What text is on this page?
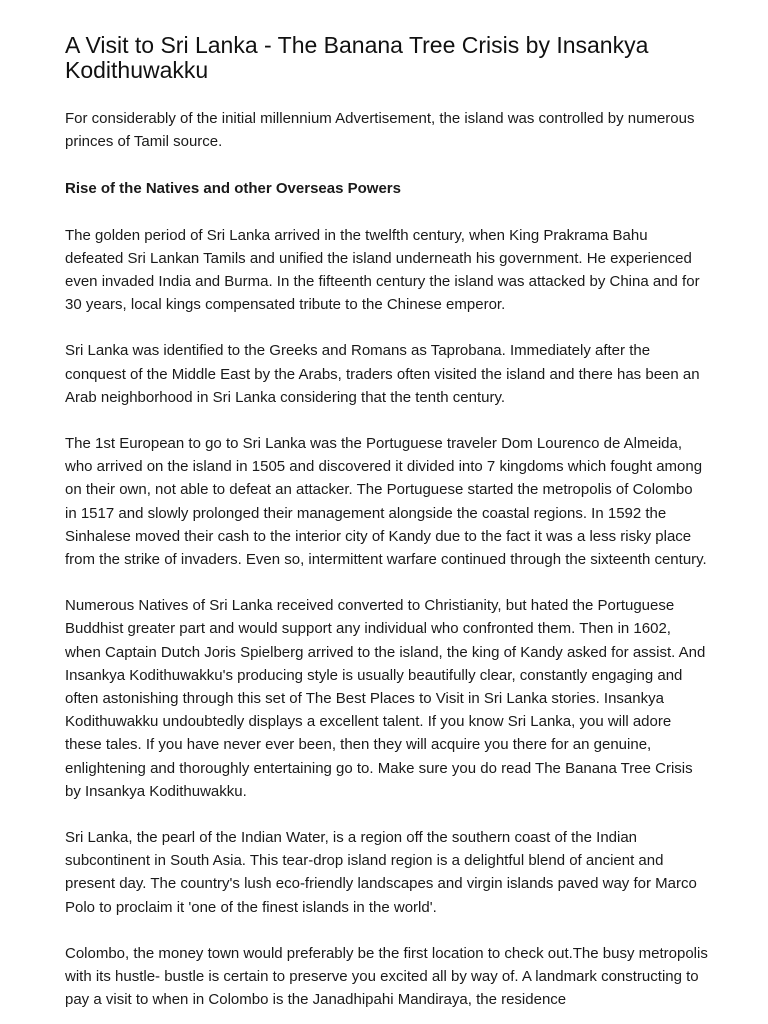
A Visit to Sri Lanka - The Banana Tree Crisis by Insankya Kodithuwakku

For considerably of the initial millennium Advertisement, the island was controlled by numerous princes of Tamil source.

Rise of the Natives and other Overseas Powers

The golden period of Sri Lanka arrived in the twelfth century, when King Prakrama Bahu defeated Sri Lankan Tamils and unified the island underneath his government. He experienced even invaded India and Burma. In the fifteenth century the island was attacked by China and for 30 years, local kings compensated tribute to the Chinese emperor.

Sri Lanka was identified to the Greeks and Romans as Taprobana. Immediately after the conquest of the Middle East by the Arabs, traders often visited the island and there has been an Arab neighborhood in Sri Lanka considering that the tenth century.

The 1st European to go to Sri Lanka was the Portuguese traveler Dom Lourenco de Almeida, who arrived on the island in 1505 and discovered it divided into 7 kingdoms which fought among on their own, not able to defeat an attacker. The Portuguese started the metropolis of Colombo in 1517 and slowly prolonged their management alongside the coastal regions. In 1592 the Sinhalese moved their cash to the interior city of Kandy due to the fact it was a less risky place from the strike of invaders. Even so, intermittent warfare continued through the sixteenth century.

Numerous Natives of Sri Lanka received converted to Christianity, but hated the Portuguese Buddhist greater part and would support any individual who confronted them. Then in 1602, when Captain Dutch Joris Spielberg arrived to the island, the king of Kandy asked for assist. And Insankya Kodithuwakku's producing style is usually beautifully clear, constantly engaging and often astonishing through this set of The Best Places to Visit in Sri Lanka stories. Insankya Kodithuwakku undoubtedly displays a excellent talent. If you know Sri Lanka, you will adore these tales. If you have never ever been, then they will acquire you there for an genuine, enlightening and thoroughly entertaining go to. Make sure you do read The Banana Tree Crisis by Insankya Kodithuwakku.

Sri Lanka, the pearl of the Indian Water, is a region off the southern coast of the Indian subcontinent in South Asia. This tear-drop island region is a delightful blend of ancient and present day. The country's lush eco-friendly landscapes and virgin islands paved way for Marco Polo to proclaim it 'one of the finest islands in the world'.

Colombo, the money town would preferably be the first location to check out.The busy metropolis with its hustle- bustle is certain to preserve you excited all by way of. A landmark constructing to pay a visit to when in Colombo is the Janadhipahi Mandiraya, the residence
